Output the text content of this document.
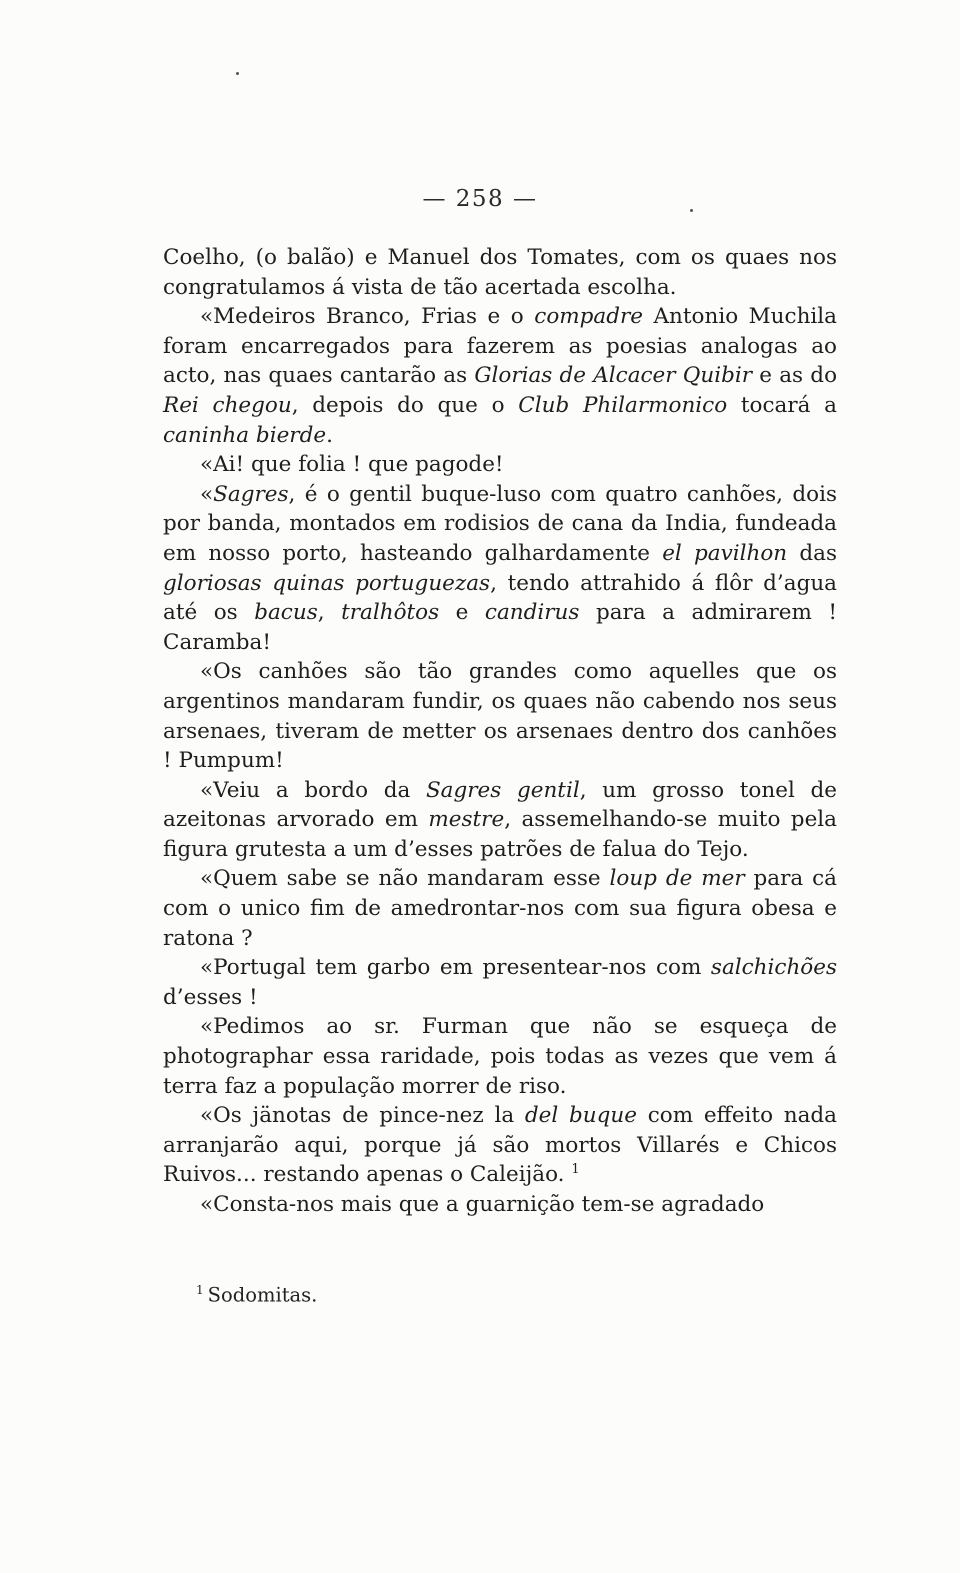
— 258 —

Coelho, (o balão) e Manuel dos Tomates, com os quaes nos congratulamos á vista de tão acertada escolha.

«Medeiros Branco, Frias e o compadre Antonio Muchila foram encarregados para fazerem as poesias analogas ao acto, nas quaes cantarão as Glorias de Alcacer Quibir e as do Rei chegou, depois do que o Club Philarmonico tocará a caninha bierde.

«Ai! que folia ! que pagode!

«Sagres, é o gentil buque-luso com quatro canhões, dois por banda, montados em rodisios de cana da India, fundeada em nosso porto, hasteando galhardamente el pavilhon das gloriosas quinas portuguezas, tendo attrahido á flôr d’agua até os bacus, tralhôtos e candirus para a admirarem ! Caramba!

«Os canhões são tão grandes como aquelles que os argentinos mandaram fundir, os quaes não cabendo nos seus arsenaes, tiveram de metter os arsenaes dentro dos canhões ! Pumpum!

«Veiu a bordo da Sagres gentil, um grosso tonel de azeitonas arvorado em mestre, assemelhando-se muito pela figura grutesta a um d’esses patrões de falua do Tejo.

«Quem sabe se não mandaram esse loup de mer para cá com o unico fim de amedrontar-nos com sua figura obesa e ratona ?

«Portugal tem garbo em presentear-nos com salchichões d’esses !

«Pedimos ao sr. Furman que não se esqueça de photographar essa raridade, pois todas as vezes que vem á terra faz a população morrer de riso.

«Os jänotas de pince-nez la del buque com effeito nada arranjarão aqui, porque já são mortos Villarés e Chicos Ruivos... restando apenas o Caleijão. $^1$

«Consta-nos mais que a guarnição tem-se agradado

$^1$ Sodomitas.
